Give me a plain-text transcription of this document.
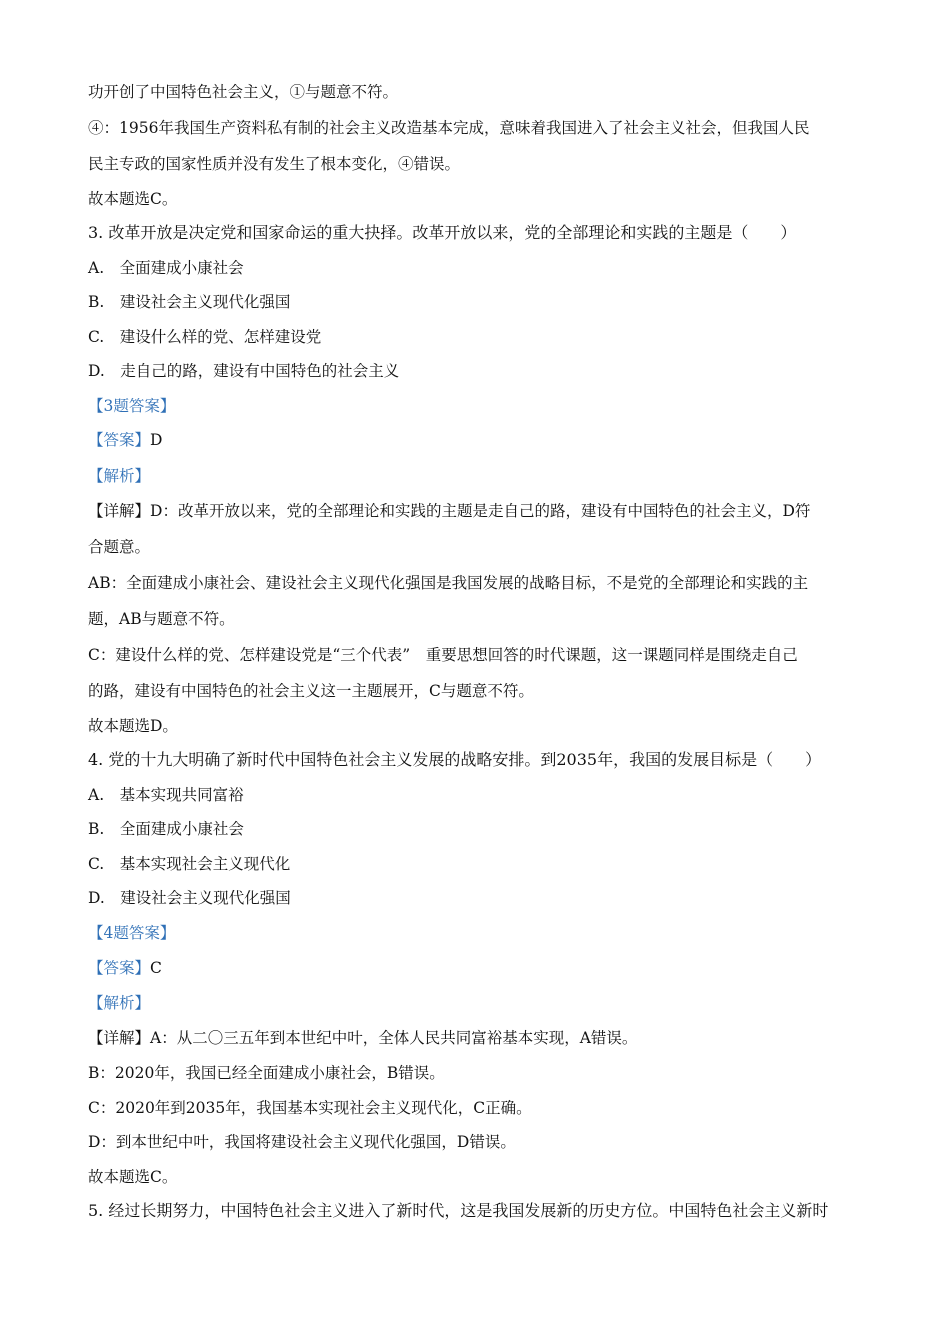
功开创了中国特色社会主义，①与题意不符。
④：1956年我国生产资料私有制的社会主义改造基本完成，意味着我国进入了社会主义社会，但我国人民
民主专政的国家性质并没有发生了根本变化，④错误。
故本题选C。
3. 改革开放是决定党和国家命运的重大抉择。改革开放以来，党的全部理论和实践的主题是（　　）
A.　全面建成小康社会
B.　建设社会主义现代化强国
C.　建设什么样的党、怎样建设党
D.　走自己的路，建设有中国特色的社会主义
【3题答案】
【答案】D
【解析】
【详解】D：改革开放以来，党的全部理论和实践的主题是走自己的路，建设有中国特色的社会主义，D符
合题意。
AB：全面建成小康社会、建设社会主义现代化强国是我国发展的战略目标，不是党的全部理论和实践的主
题，AB与题意不符。
C：建设什么样的党、怎样建设党是“三个代表”　重要思想回答的时代课题，这一课题同样是围绕走自己
的路，建设有中国特色的社会主义这一主题展开，C与题意不符。
故本题选D。
4. 党的十九大明确了新时代中国特色社会主义发展的战略安排。到2035年，我国的发展目标是（　　）
A.　基本实现共同富裕
B.　全面建成小康社会
C.　基本实现社会主义现代化
D.　建设社会主义现代化强国
【4题答案】
【答案】C
【解析】
【详解】A：从二〇三五年到本世纪中叶，全体人民共同富裕基本实现，A错误。
B：2020年，我国已经全面建成小康社会，B错误。
C：2020年到2035年，我国基本实现社会主义现代化，C正确。
D：到本世纪中叶，我国将建设社会主义现代化强国，D错误。
故本题选C。
5. 经过长期努力，中国特色社会主义进入了新时代，这是我国发展新的历史方位。中国特色社会主义新时
